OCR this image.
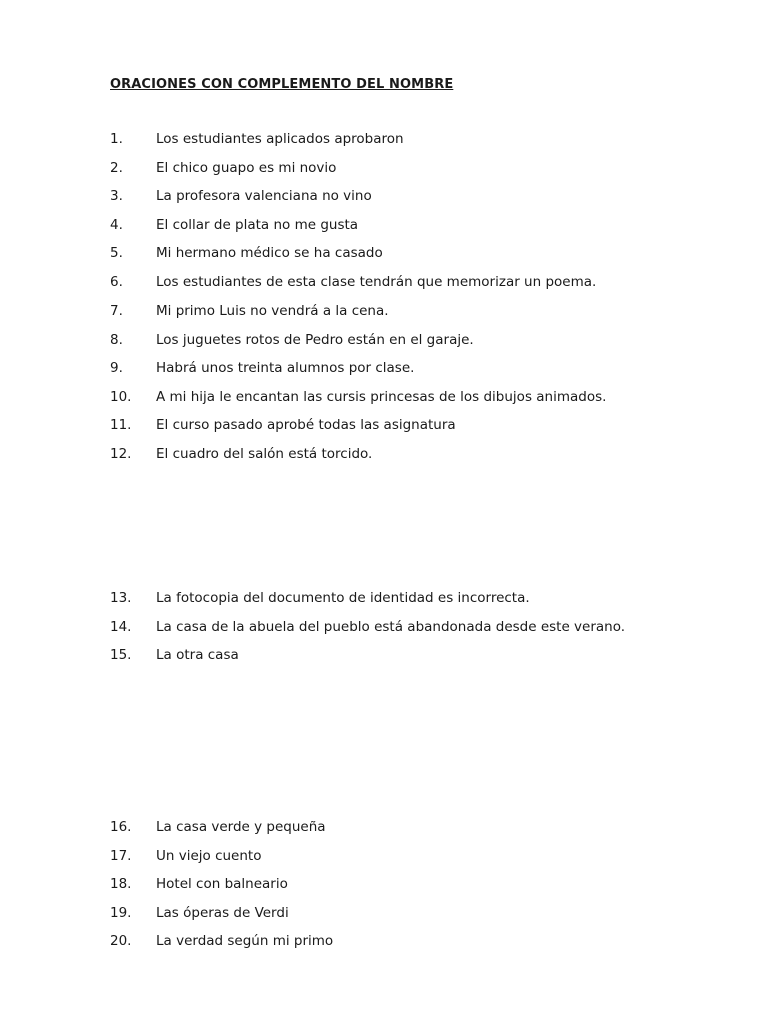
ORACIONES CON COMPLEMENTO DEL NOMBRE
1. Los estudiantes aplicados aprobaron
2. El chico guapo es mi novio
3. La profesora valenciana no vino
4. El collar de plata no me gusta
5. Mi hermano médico se ha casado
6. Los estudiantes de esta clase tendrán que memorizar un poema.
7. Mi primo Luis no vendrá a la cena.
8. Los juguetes rotos de Pedro están en el garaje.
9. Habrá unos treinta alumnos por clase.
10. A mi hija le encantan las cursis princesas de los dibujos animados.
11. El curso pasado aprobé todas las asignatura
12. El cuadro del salón está torcido.
13. La fotocopia del documento de identidad es incorrecta.
14. La casa de la abuela del pueblo está abandonada desde este verano.
15. La otra casa
16. La casa verde y pequeña
17. Un viejo cuento
18. Hotel con balneario
19. Las óperas de Verdi
20. La verdad según mi primo
